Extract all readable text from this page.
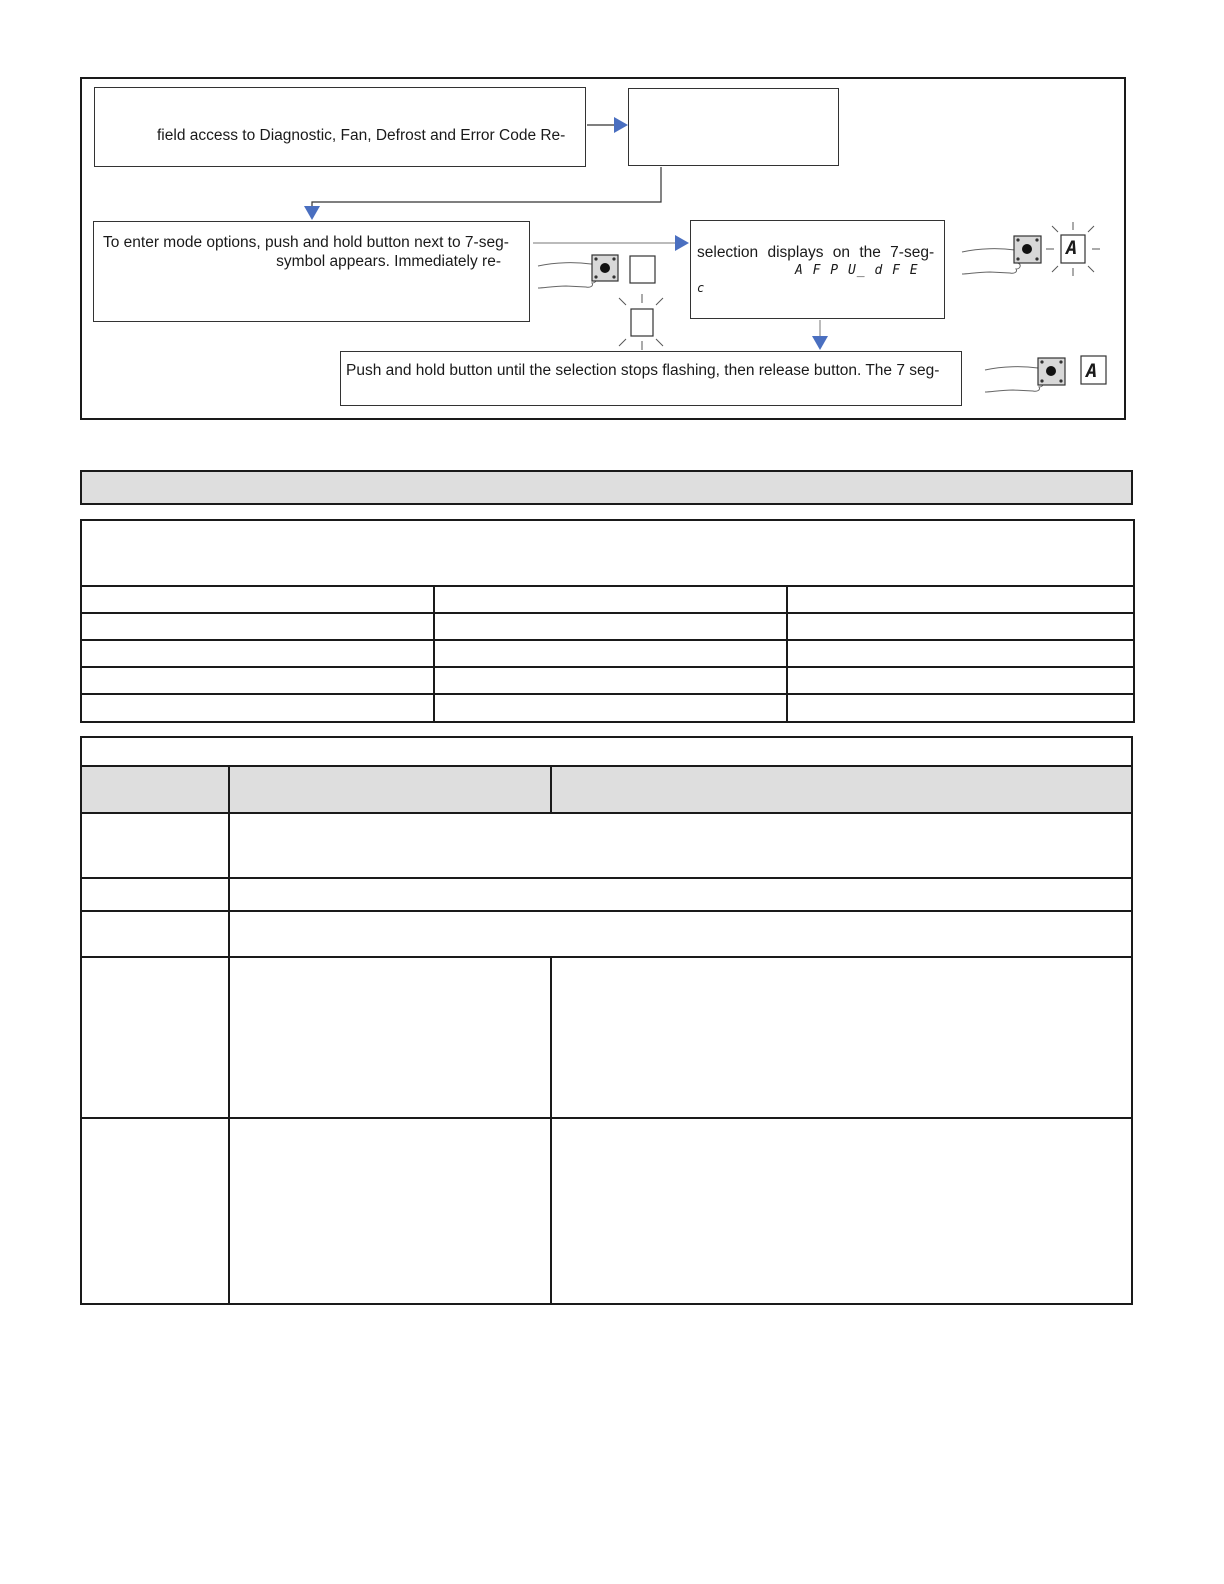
field access to Diagnostic, Fan, Defrost and Error Code Re-
To enter mode options, push and hold button next to 7-seg-
symbol appears. Immediately re-
selection displays on the 7-seg-
A F P U_ d F E
c
Push and hold button until the selection stops flashing, then release button. The 7 seg-
A
A
